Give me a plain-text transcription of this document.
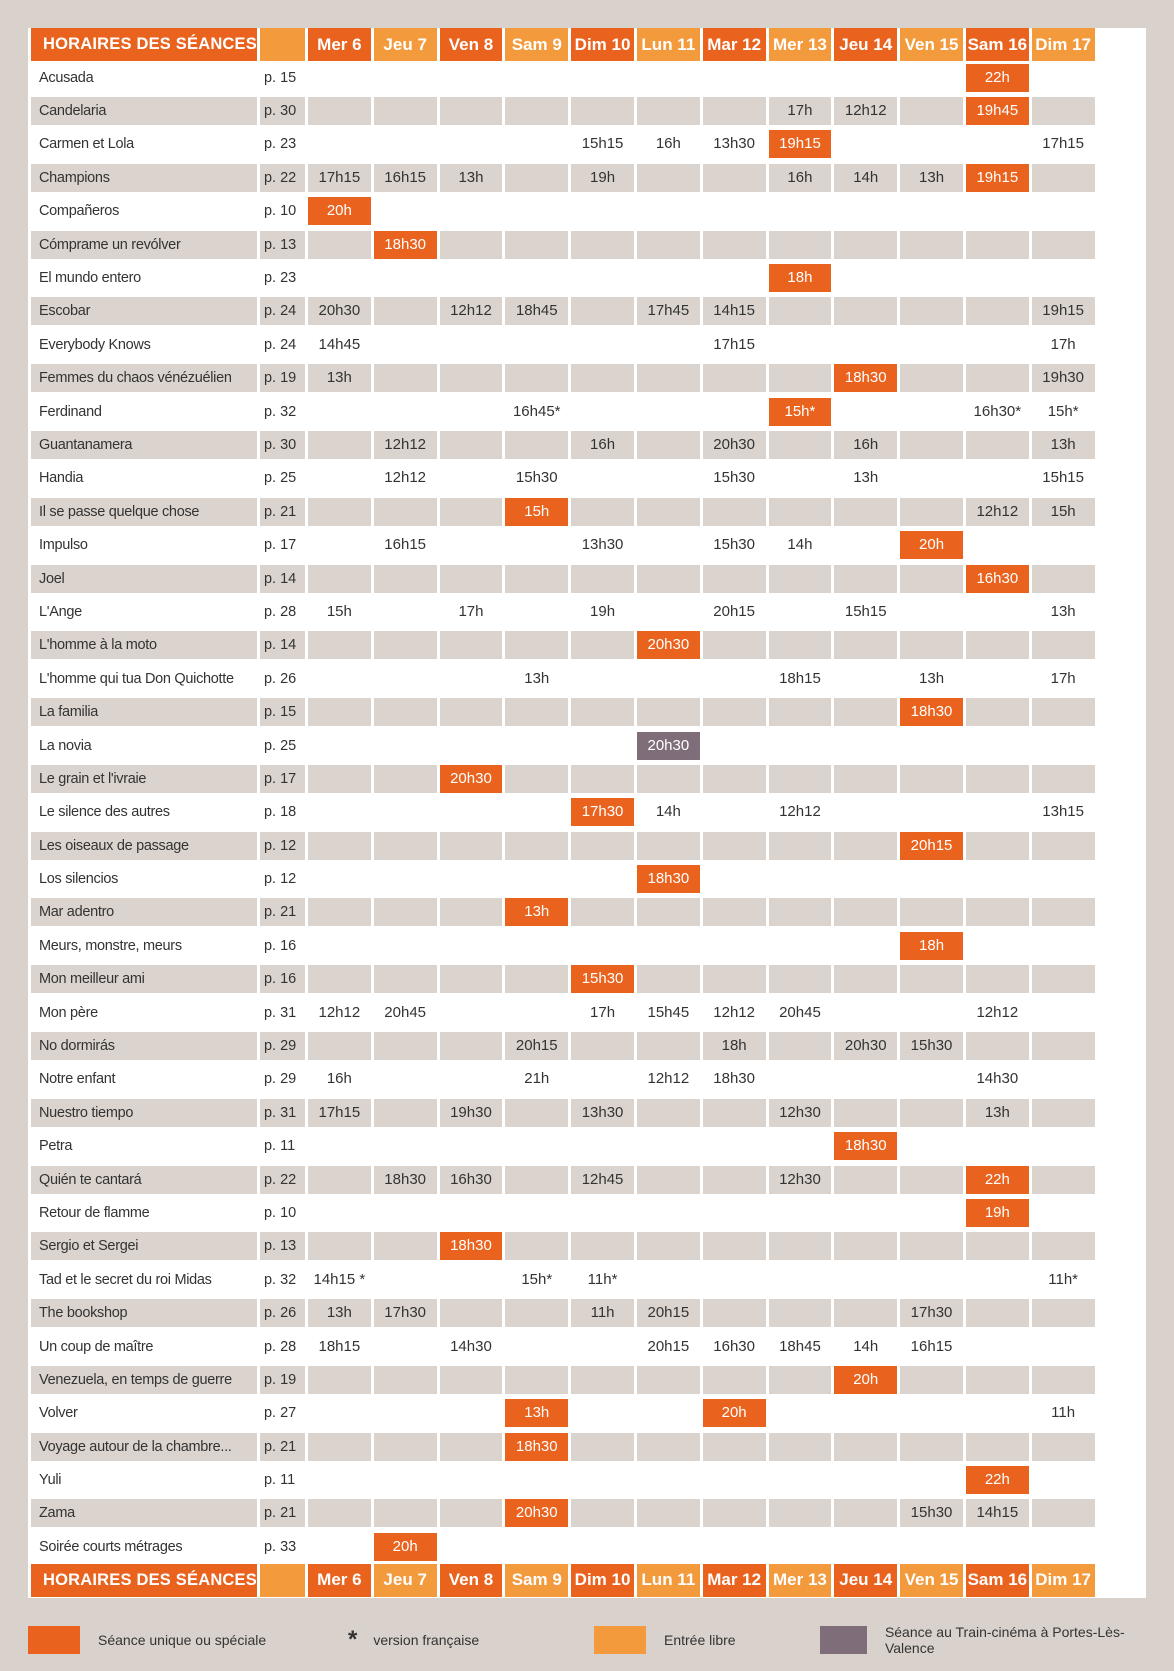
HORAIRES DES SÉANCES		Mer 6	Jeu 7	Ven 8	Sam 9	Dim 10	Lun 11	Mar 12	Mer 13	Jeu 14	Ven 15	Sam 16	Dim 17

Acusada	p. 15											22h	

Candelaria	p. 30								17h	12h12		19h45	

Carmen et Lola	p. 23					15h15	16h	13h30	19h15				17h15

Champions	p. 22	17h15	16h15	13h		19h			16h	14h	13h	19h15	

Compañeros	p. 10	20h											

Cómprame un revólver	p. 13		18h30										

El mundo entero	p. 23								18h				

Escobar	p. 24	20h30		12h12	18h45		17h45	14h15					19h15

Everybody Knows	p. 24	14h45						17h15					17h

Femmes du chaos vénézuélien	p. 19	13h								18h30			19h30

Ferdinand	p. 32				16h45*				15h*			16h30*	15h*

Guantanamera	p. 30		12h12			16h		20h30		16h			13h

Handia	p. 25		12h12		15h30			15h30		13h			15h15

Il se passe quelque chose	p. 21				15h							12h12	15h

Impulso	p. 17		16h15			13h30		15h30	14h		20h		

Joel	p. 14											16h30	

L'Ange	p. 28	15h		17h		19h		20h15		15h15			13h

L'homme à la moto	p. 14						20h30						

L'homme qui tua Don Quichotte	p. 26				13h				18h15		13h		17h

La familia	p. 15										18h30		

La novia	p. 25						20h30						

Le grain et l'ivraie	p. 17			20h30									

Le silence des autres	p. 18					17h30	14h		12h12				13h15

Les oiseaux de passage	p. 12										20h15		

Los silencios	p. 12						18h30						

Mar adentro	p. 21				13h								

Meurs, monstre, meurs	p. 16										18h		

Mon meilleur ami	p. 16					15h30							

Mon père	p. 31	12h12	20h45			17h	15h45	12h12	20h45			12h12	

No dormirás	p. 29				20h15			18h		20h30	15h30		

Notre enfant	p. 29	16h			21h		12h12	18h30				14h30	

Nuestro tiempo	p. 31	17h15		19h30		13h30			12h30			13h	

Petra	p. 11									18h30			

Quién te cantará	p. 22		18h30	16h30		12h45			12h30			22h	

Retour de flamme	p. 10											19h	

Sergio et Sergei	p. 13			18h30									

Tad et le secret du roi Midas	p. 32	14h15 *			15h*	11h*							11h*

The bookshop	p. 26	13h	17h30			11h	20h15				17h30		

Un coup de maître	p. 28	18h15		14h30			20h15	16h30	18h45	14h	16h15		

Venezuela, en temps de guerre	p. 19									20h			

Volver	p. 27				13h			20h					11h

Voyage autour de la chambre...	p. 21				18h30								

Yuli	p. 11											22h	

Zama	p. 21				20h30						15h30	14h15	

Soirée courts métrages	p. 33		20h										

HORAIRES DES SÉANCES		Mer 6	Jeu 7	Ven 8	Sam 9	Dim 10	Lun 11	Mar 12	Mer 13	Jeu 14	Ven 15	Sam 16	Dim 17
Séance unique ou spéciale	* version française	Entrée libre	Séance au Train-cinéma à Portes-Lès-Valence
